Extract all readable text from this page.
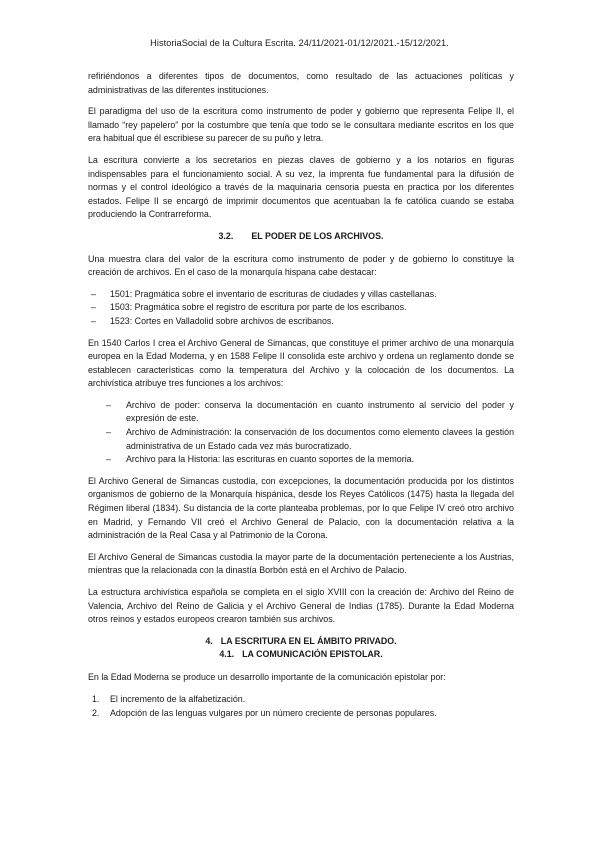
HistoriaSocial de la Cultura Escrita. 24/11/2021-01/12/2021.-15/12/2021.

refiriéndonos a diferentes tipos de documentos, como resultado de las actuaciones políticas y administrativas de las diferentes instituciones.

El paradigma del uso de la escritura como instrumento de poder y gobierno que representa Felipe II, el llamado “rey papelero” por la costumbre que tenía que todo se le consultara mediante escritos en los que era habitual que él escribiese su parecer de su puño y letra.

La escritura convierte a los secretarios en piezas claves de gobierno y a los notarios en figuras indispensables para el funcionamiento social. A su vez, la imprenta fue fundamental para la difusión de normas y el control ideológico a través de la maquinaria censoria puesta en practica por los diferentes estados. Felipe II se encargó de imprimir documentos que acentuaban la fe católica cuando se estaba produciendo la Contrarreforma.

3.2. EL PODER DE LOS ARCHIVOS.

Una muestra clara del valor de la escritura como instrumento de poder y de gobierno lo constituye la creación de archivos. En el caso de la monarquía hispana cabe destacar:

– 1501: Pragmática sobre el inventario de escrituras de ciudades y villas castellanas.
– 1503: Pragmática sobre el registro de escritura por parte de los escribanos.
– 1523: Cortes en Valladolid sobre archivos de escribanos.

En 1540 Carlos I crea el Archivo General de Simancas, que constituye el primer archivo de una monarquía europea en la Edad Moderna, y en 1588 Felipe II consolida este archivo y ordena un reglamento donde se establecen características como la temperatura del Archivo y la colocación de los documentos. La archivística atribuye tres funciones a los archivos:

– Archivo de poder: conserva la documentación en cuanto instrumento al servicio del poder y expresión de este.
– Archivo de Administración: la conservación de los documentos como elemento clavees la gestión administrativa de un Estado cada vez más burocratizado.
– Archivo para la Historia: las escrituras en cuanto soportes de la memoria.

El Archivo General de Simancas custodia, con excepciones, la documentación producida por los distintos organismos de gobierno de la Monarquía hispánica, desde los Reyes Católicos (1475) hasta la llegada del Régimen liberal (1834). Su distancia de la corte planteaba problemas, por lo que Felipe IV creó otro archivo en Madrid, y Fernando VII creó el Archivo General de Palacio, con la documentación relativa a la administración de la Real Casa y al Patrimonio de la Corona.

El Archivo General de Simancas custodia la mayor parte de la documentación perteneciente a los Austrias, mientras que la relacionada con la dinastía Borbón está en el Archivo de Palacio.

La estructura archivística española se completa en el siglo XVIII con la creación de: Archivo del Reino de Valencia, Archivo del Reino de Galicia y el Archivo General de Indias (1785). Durante la Edad Moderna otros reinos y estados europeos crearon también sus archivos.

4. LA ESCRITURA EN EL ÁMBITO PRIVADO.
4.1. LA COMUNICACIÓN EPISTOLAR.

En la Edad Moderna se produce un desarrollo importante de la comunicación epistolar por:

1. El incremento de la alfabetización.
2. Adopción de las lenguas vulgares por un número creciente de personas populares.
